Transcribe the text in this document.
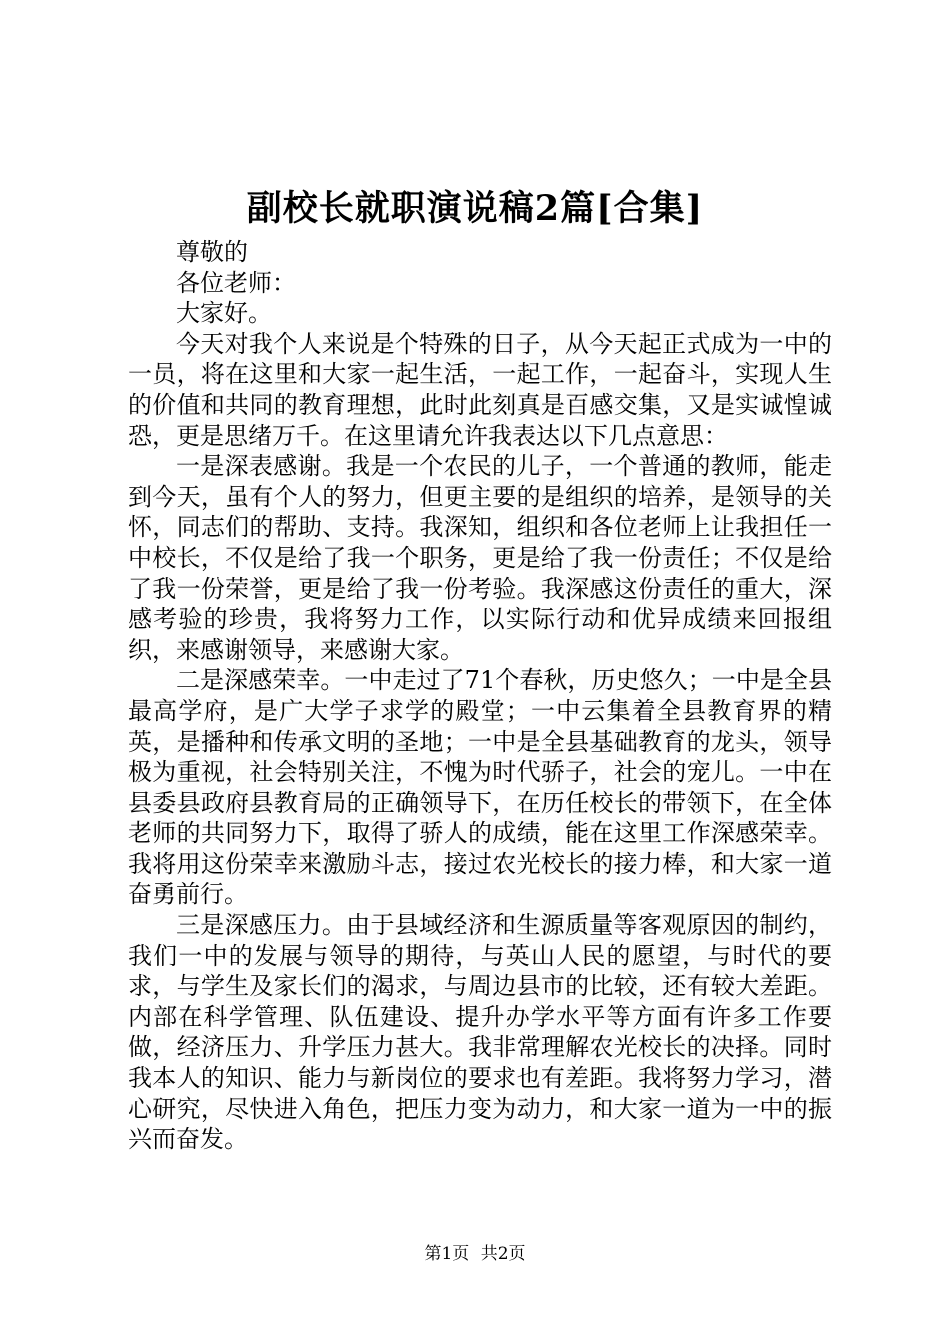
副校长就职演说稿2篇[合集]

尊敬的

各位老师：

大家好。

今天对我个人来说是个特殊的日子，从今天起正式成为一中的一员，将在这里和大家一起生活，一起工作，一起奋斗，实现人生的价值和共同的教育理想，此时此刻真是百感交集，又是实诚惶诚恐，更是思绪万千。在这里请允许我表达以下几点意思：

一是深表感谢。我是一个农民的儿子，一个普通的教师，能走到今天，虽有个人的努力，但更主要的是组织的培养，是领导的关怀，同志们的帮助、支持。我深知，组织和各位老师上让我担任一中校长，不仅是给了我一个职务，更是给了我一份责任；不仅是给了我一份荣誉，更是给了我一份考验。我深感这份责任的重大，深感考验的珍贵，我将努力工作，以实际行动和优异成绩来回报组织，来感谢领导，来感谢大家。

二是深感荣幸。一中走过了71个春秋，历史悠久；一中是全县最高学府，是广大学子求学的殿堂；一中云集着全县教育界的精英，是播种和传承文明的圣地；一中是全县基础教育的龙头，领导极为重视，社会特别关注，不愧为时代骄子，社会的宠儿。一中在县委县政府县教育局的正确领导下，在历任校长的带领下，在全体老师的共同努力下，取得了骄人的成绩，能在这里工作深感荣幸。我将用这份荣幸来激励斗志，接过农光校长的接力棒，和大家一道奋勇前行。

三是深感压力。由于县域经济和生源质量等客观原因的制约，我们一中的发展与领导的期待，与英山人民的愿望，与时代的要求，与学生及家长们的渴求，与周边县市的比较，还有较大差距。内部在科学管理、队伍建设、提升办学水平等方面有许多工作要做，经济压力、升学压力甚大。我非常理解农光校长的决择。同时我本人的知识、能力与新岗位的要求也有差距。我将努力学习，潜心研究，尽快进入角色，把压力变为动力，和大家一道为一中的振兴而奋发。

第1页 共2页
